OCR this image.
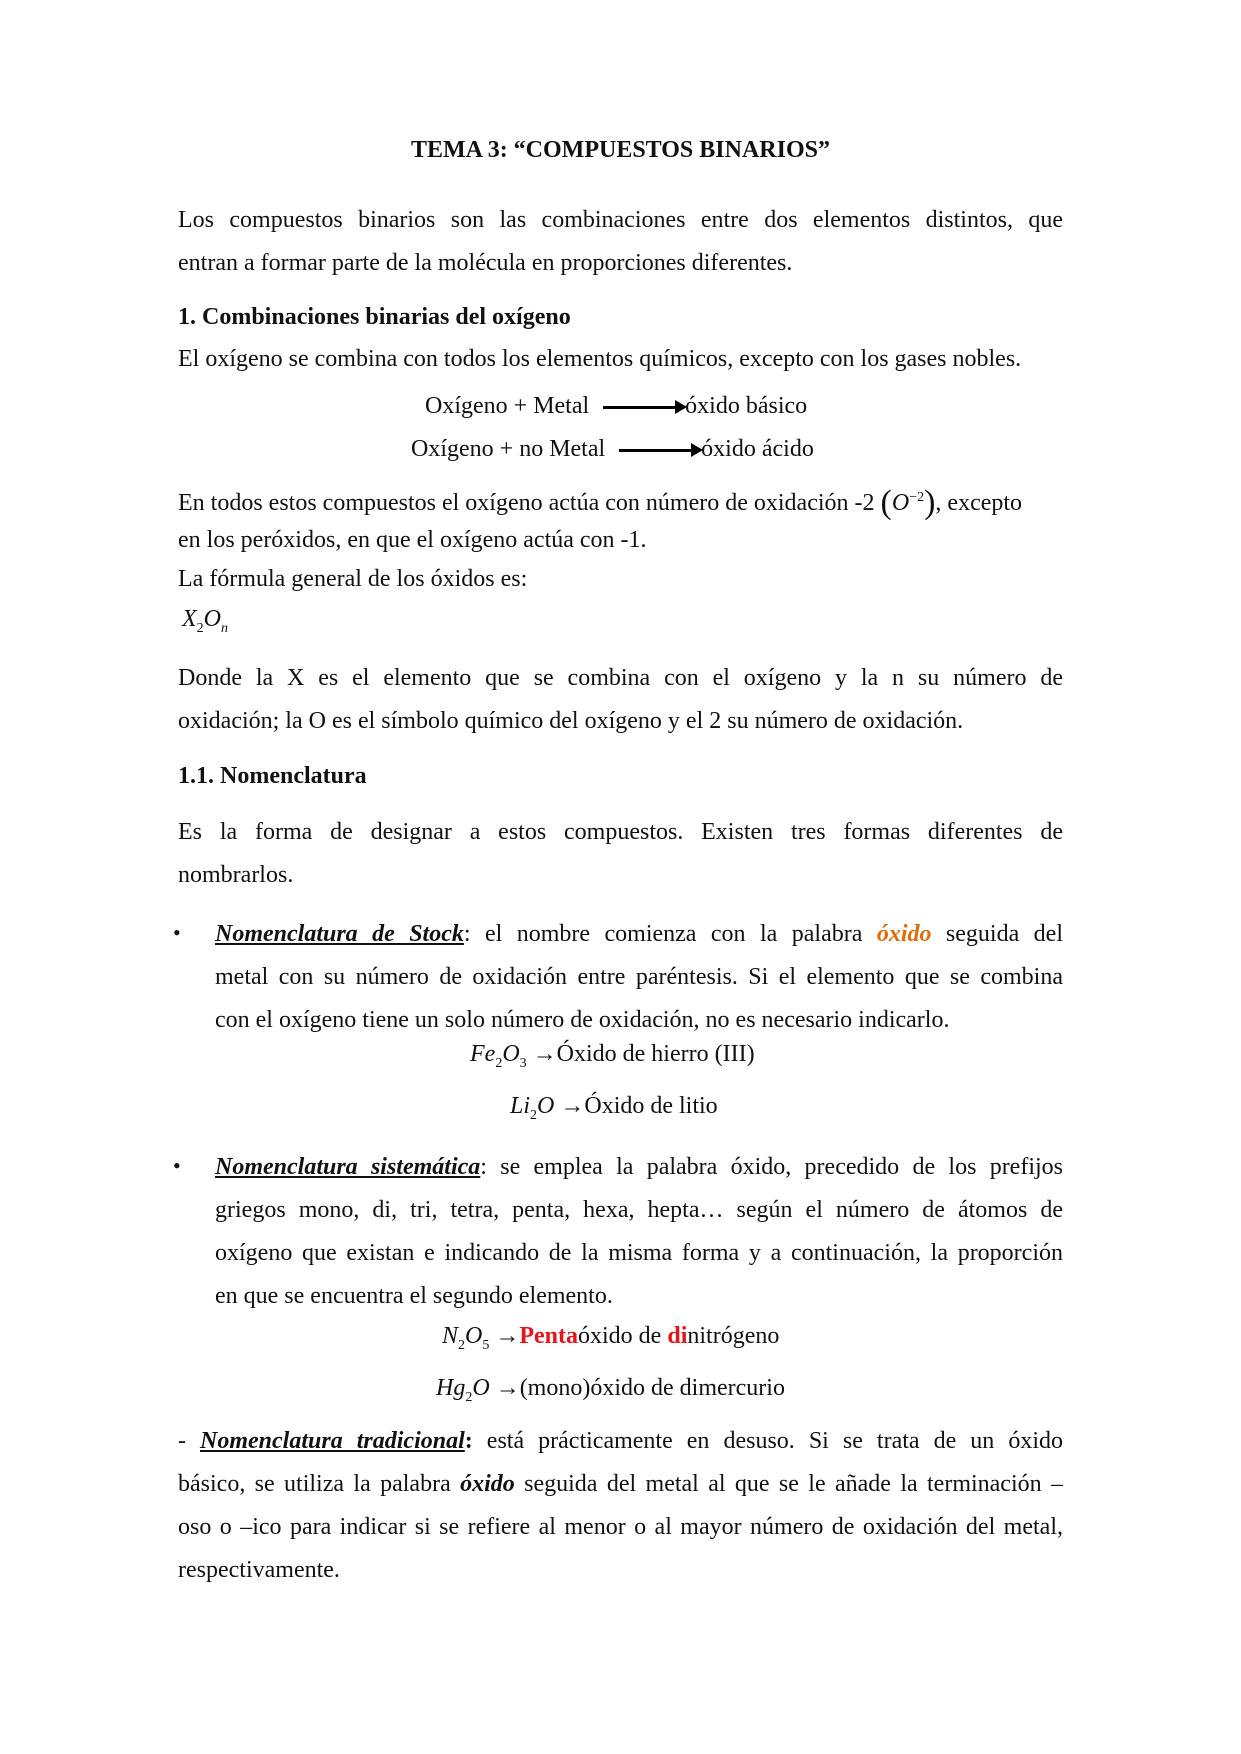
TEMA 3: “COMPUESTOS BINARIOS”
Los compuestos binarios son las combinaciones entre dos elementos distintos, que
entran a formar parte de la molécula en proporciones diferentes.
1. Combinaciones binarias del oxígeno
El oxígeno se combina con todos los elementos químicos, excepto con los gases nobles.
Oxígeno + Metal	óxido básico
Oxígeno + no Metal	óxido ácido
En todos estos compuestos el oxígeno actúa con número de oxidación -2 $(O^{-2})$, excepto
en los peróxidos, en que el oxígeno actúa con -1.
La fórmula general de los óxidos es:
$X_2O_n$
Donde la X es el elemento que se combina con el oxígeno y la n su número de
oxidación; la O es el símbolo químico del oxígeno y el 2 su número de oxidación.
1.1. Nomenclatura
Es la forma de designar a estos compuestos. Existen tres formas diferentes de
nombrarlos.
• Nomenclatura de Stock: el nombre comienza con la palabra óxido seguida del
metal con su número de oxidación entre paréntesis. Si el elemento que se combina
con el oxígeno tiene un solo número de oxidación, no es necesario indicarlo.
$Fe_2O_3$ →Óxido de hierro (III)
$Li_2O$ →Óxido de litio
• Nomenclatura sistemática: se emplea la palabra óxido, precedido de los prefijos
griegos mono, di, tri, tetra, penta, hexa, hepta… según el número de átomos de
oxígeno que existan e indicando de la misma forma y a continuación, la proporción
en que se encuentra el segundo elemento.
$N_2O_5$ →Pentaóxido de dinitrógeno
$Hg_2O$ →(mono)óxido de dimercurio
- Nomenclatura tradicional: está prácticamente en desuso. Si se trata de un óxido
básico, se utiliza la palabra óxido seguida del metal al que se le añade la terminación –
oso o –ico para indicar si se refiere al menor o al mayor número de oxidación del metal,
respectivamente.
